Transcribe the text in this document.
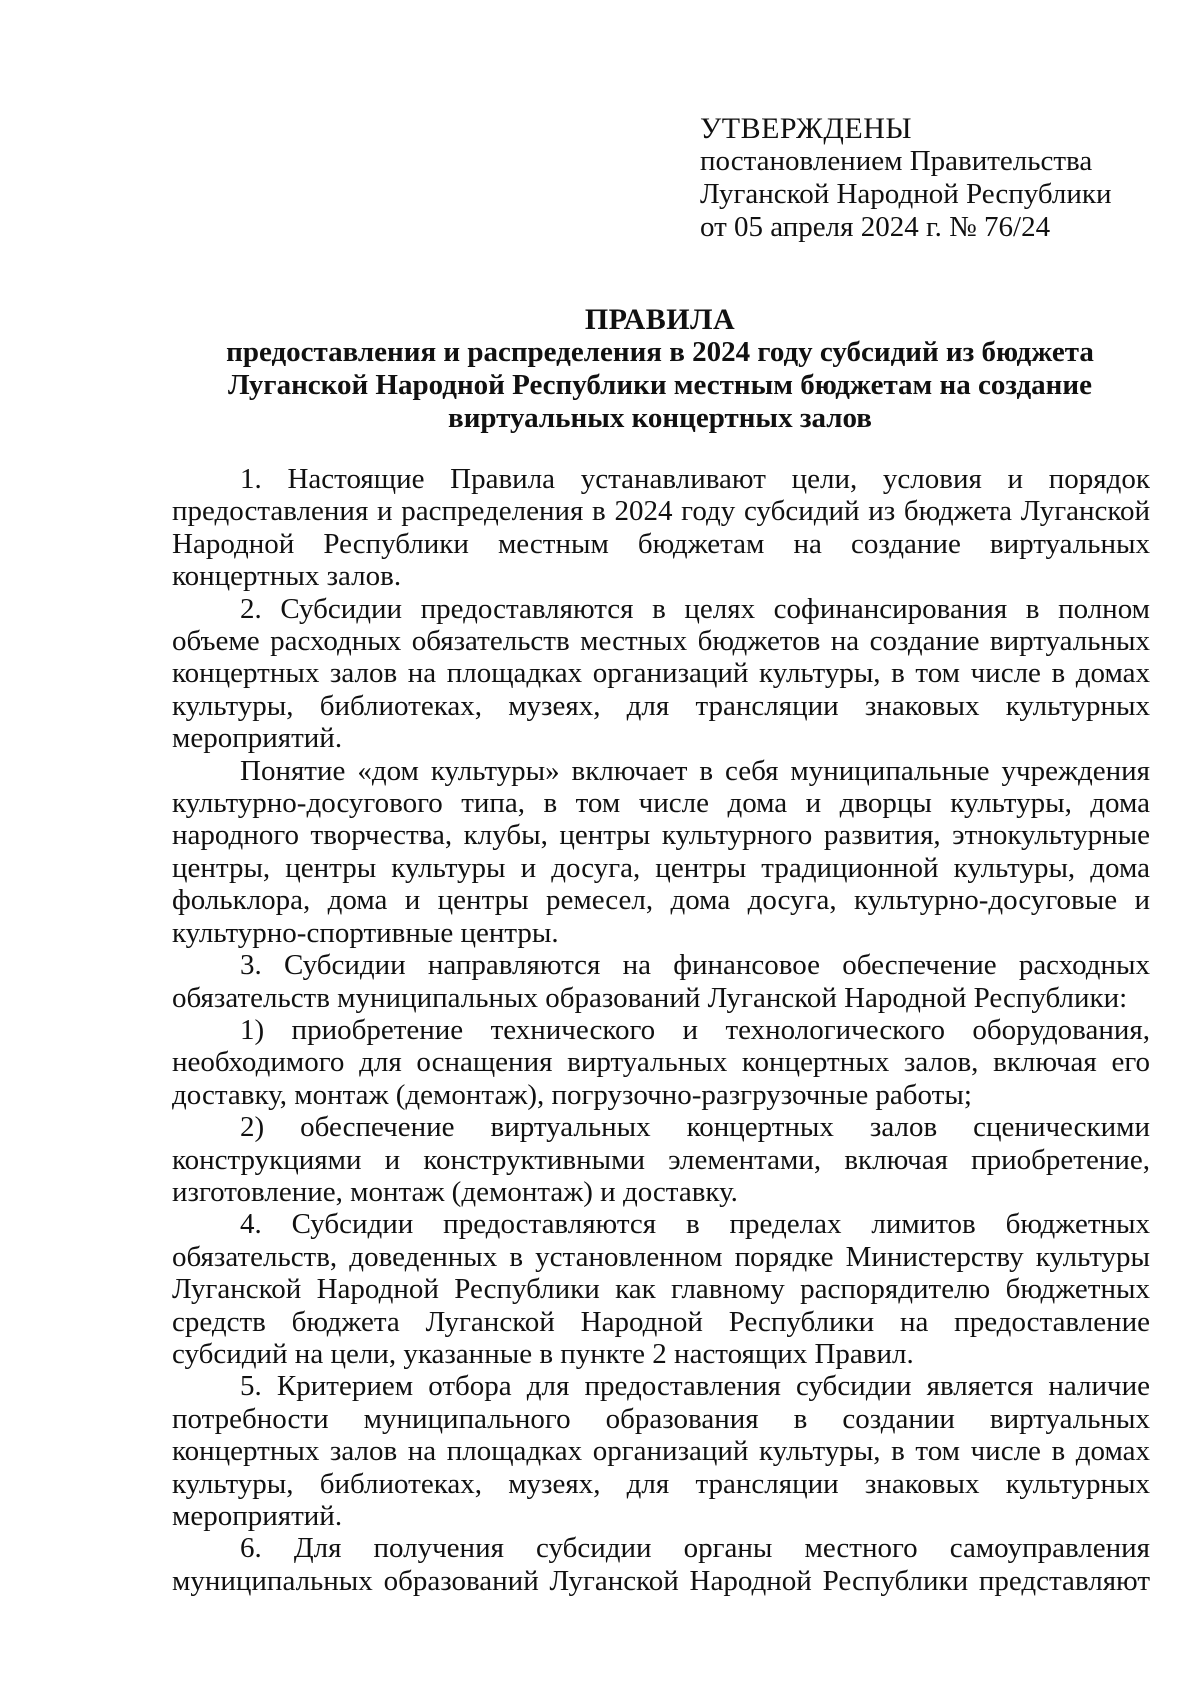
УТВЕРЖДЕНЫ
постановлением Правительства
Луганской Народной Республики
от 05 апреля 2024 г. № 76/24
ПРАВИЛА
предоставления и распределения в 2024 году субсидий из бюджета
Луганской Народной Республики местным бюджетам на создание
виртуальных концертных залов

1. Настоящие Правила устанавливают цели, условия и порядок предоставления и распределения в 2024 году субсидий из бюджета Луганской Народной Республики местным бюджетам на создание виртуальных концертных залов.

2. Субсидии предоставляются в целях софинансирования в полном объеме расходных обязательств местных бюджетов на создание виртуальных концертных залов на площадках организаций культуры, в том числе в домах культуры, библиотеках, музеях, для трансляции знаковых культурных мероприятий.

Понятие «дом культуры» включает в себя муниципальные учреждения культурно-досугового типа, в том числе дома и дворцы культуры, дома народного творчества, клубы, центры культурного развития, этнокультурные центры, центры культуры и досуга, центры традиционной культуры, дома фольклора, дома и центры ремесел, дома досуга, культурно-досуговые и культурно-спортивные центры.

3. Субсидии направляются на финансовое обеспечение расходных обязательств муниципальных образований Луганской Народной Республики:

1) приобретение технического и технологического оборудования, необходимого для оснащения виртуальных концертных залов, включая его доставку, монтаж (демонтаж), погрузочно-разгрузочные работы;

2) обеспечение виртуальных концертных залов сценическими конструкциями и конструктивными элементами, включая приобретение, изготовление, монтаж (демонтаж) и доставку.

4. Субсидии предоставляются в пределах лимитов бюджетных обязательств, доведенных в установленном порядке Министерству культуры Луганской Народной Республики как главному распорядителю бюджетных средств бюджета Луганской Народной Республики на предоставление субсидий на цели, указанные в пункте 2 настоящих Правил.

5. Критерием отбора для предоставления субсидии является наличие потребности муниципального образования в создании виртуальных концертных залов на площадках организаций культуры, в том числе в домах культуры, библиотеках, музеях, для трансляции знаковых культурных мероприятий.

6. Для получения субсидии органы местного самоуправления муниципальных образований Луганской Народной Республики представляют
